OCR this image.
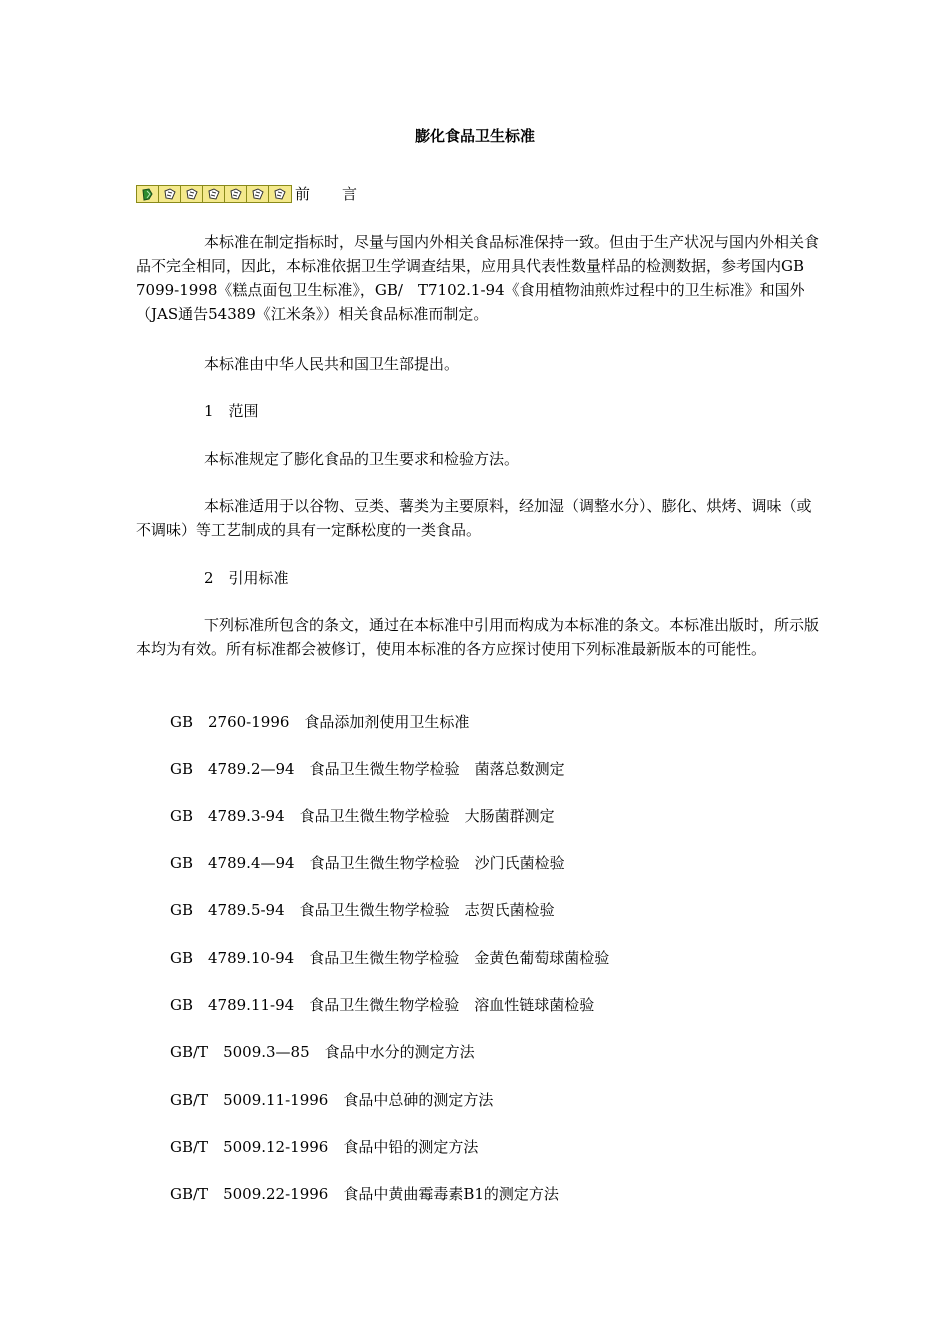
膨化食品卫生标准
前言

本标准在制定指标时，尽量与国内外相关食品标准保持一致。但由于生产状况与国内外相关食品不完全相同，因此，本标准依据卫生学调查结果，应用具代表性数量样品的检测数据，参考国内GB　7099-1998《糕点面包卫生标准》，GB/　T7102.1-94《食用植物油煎炸过程中的卫生标准》和国外（JAS通告54389《江米条》）相关食品标准而制定。

本标准由中华人民共和国卫生部提出。

1　范围

本标准规定了膨化食品的卫生要求和检验方法。

本标准适用于以谷物、豆类、薯类为主要原料，经加湿（调整水分）、膨化、烘烤、调味（或不调味）等工艺制成的具有一定酥松度的一类食品。

2　引用标准

下列标准所包含的条文，通过在本标准中引用而构成为本标准的条文。本标准出版时，所示版本均为有效。所有标准都会被修订，使用本标准的各方应探讨使用下列标准最新版本的可能性。

GB　2760-1996　食品添加剂使用卫生标准

GB　4789.2—94　食品卫生微生物学检验　菌落总数测定

GB　4789.3-94　食品卫生微生物学检验　大肠菌群测定

GB　4789.4—94　食品卫生微生物学检验　沙门氏菌检验

GB　4789.5-94　食品卫生微生物学检验　志贺氏菌检验

GB　4789.10-94　食品卫生微生物学检验　金黄色葡萄球菌检验

GB　4789.11-94　食品卫生微生物学检验　溶血性链球菌检验

GB/T　5009.3—85　食品中水分的测定方法

GB/T　5009.11-1996　食品中总砷的测定方法

GB/T　5009.12-1996　食品中铅的测定方法

GB/T　5009.22-1996　食品中黄曲霉毒素B1的测定方法
